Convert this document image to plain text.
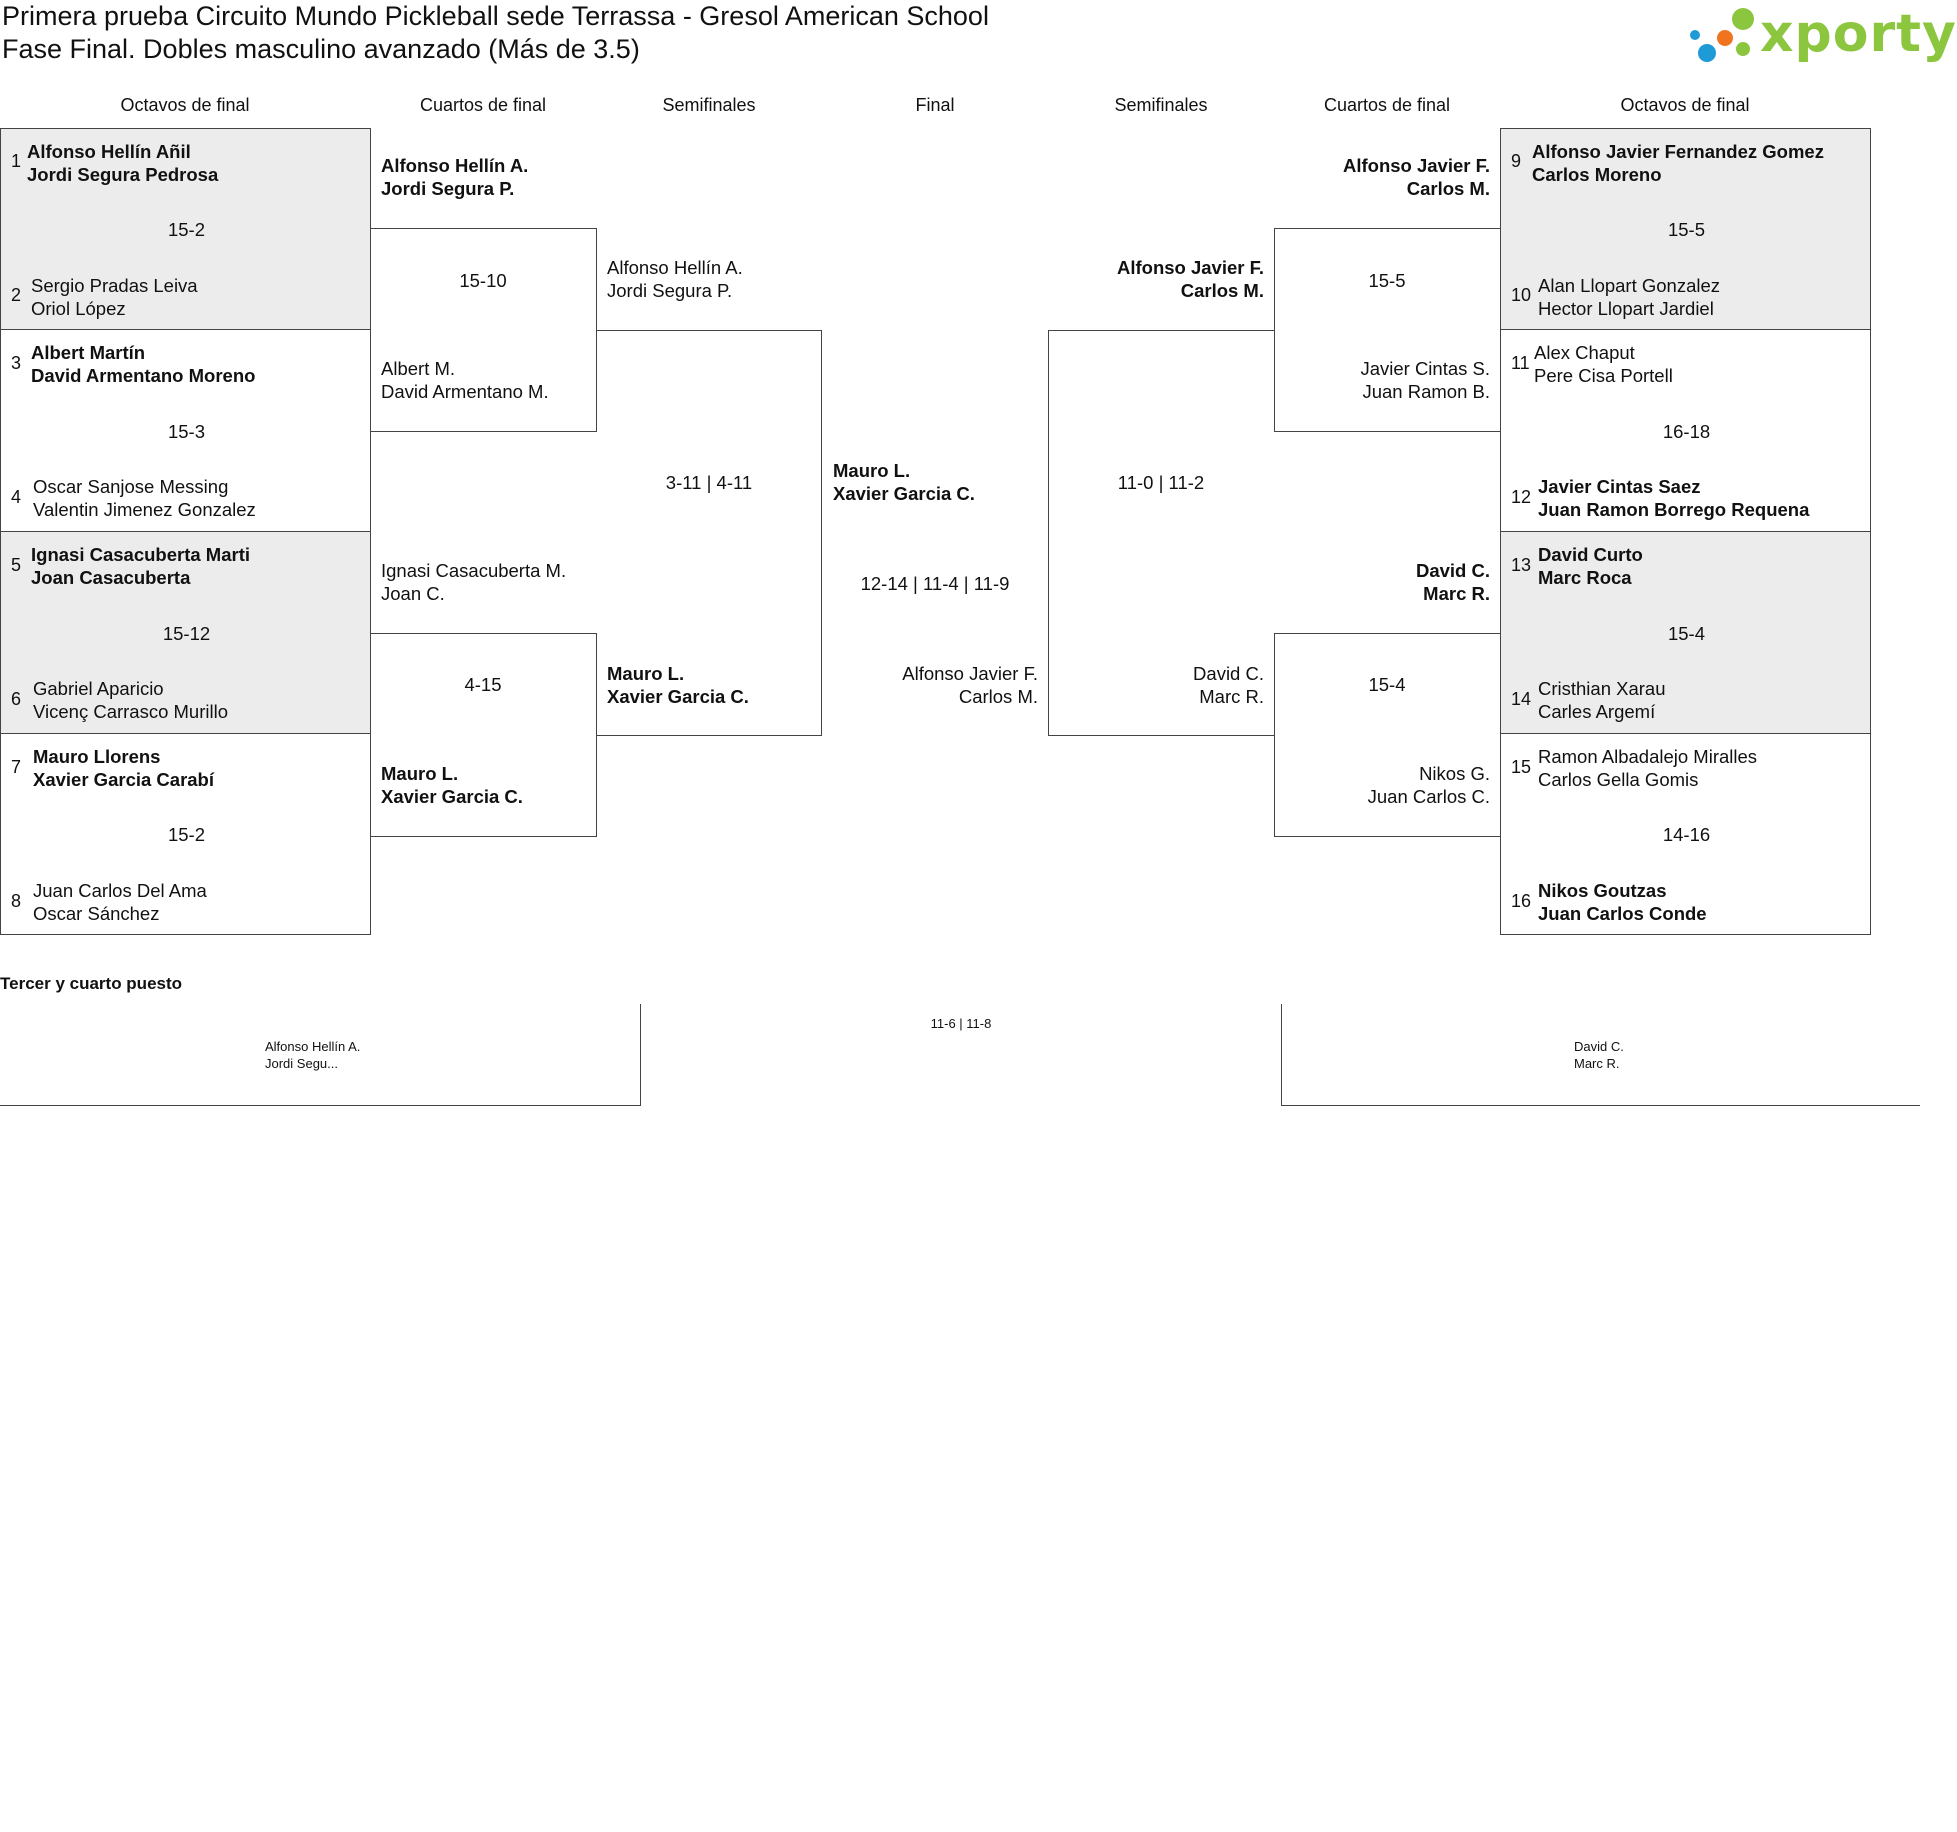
Primera prueba Circuito Mundo Pickleball sede Terrassa - Gresol American School
Fase Final. Dobles masculino avanzado (Más de 3.5)	xporty
Octavos de final	Cuartos de final	Semifinales	Final	Semifinales	Cuartos de final	Octavos de final
1 Alfonso Hellín Añil
Jordi Segura Pedrosa
15-2
2 Sergio Pradas Leiva
Oriol López
3 Albert Martín
David Armentano Moreno
15-3
4 Oscar Sanjose Messing
Valentin Jimenez Gonzalez
5 Ignasi Casacuberta Marti
Joan Casacuberta
15-12
6 Gabriel Aparicio
Vicenç Carrasco Murillo
7 Mauro Llorens
Xavier Garcia Carabí
15-2
8 Juan Carlos Del Ama
Oscar Sánchez
Alfonso Hellín A.
Jordi Segura P.
15-10
Albert M.
David Armentano M.
Ignasi Casacuberta M.
Joan C.
4-15
Mauro L.
Xavier Garcia C.
Alfonso Hellín A.
Jordi Segura P.
3-11 | 4-11
Mauro L.
Xavier Garcia C.
Mauro L.
Xavier Garcia C.
12-14 | 11-4 | 11-9
Alfonso Javier F.
Carlos M.
Alfonso Javier F.
Carlos M.
11-0 | 11-2
David C.
Marc R.
Alfonso Javier F.
Carlos M.
15-5
Javier Cintas S.
Juan Ramon B.
David C.
Marc R.
15-4
Nikos G.
Juan Carlos C.
9 Alfonso Javier Fernandez Gomez
Carlos Moreno
15-5
10 Alan Llopart Gonzalez
Hector Llopart Jardiel
11 Alex Chaput
Pere Cisa Portell
16-18
12 Javier Cintas Saez
Juan Ramon Borrego Requena
13 David Curto
Marc Roca
15-4
14 Cristhian Xarau
Carles Argemí
15 Ramon Albadalejo Miralles
Carlos Gella Gomis
14-16
16 Nikos Goutzas
Juan Carlos Conde
Tercer y cuarto puesto
Alfonso Hellín A.
Jordi Segu...
11-6 | 11-8
David C.
Marc R.
